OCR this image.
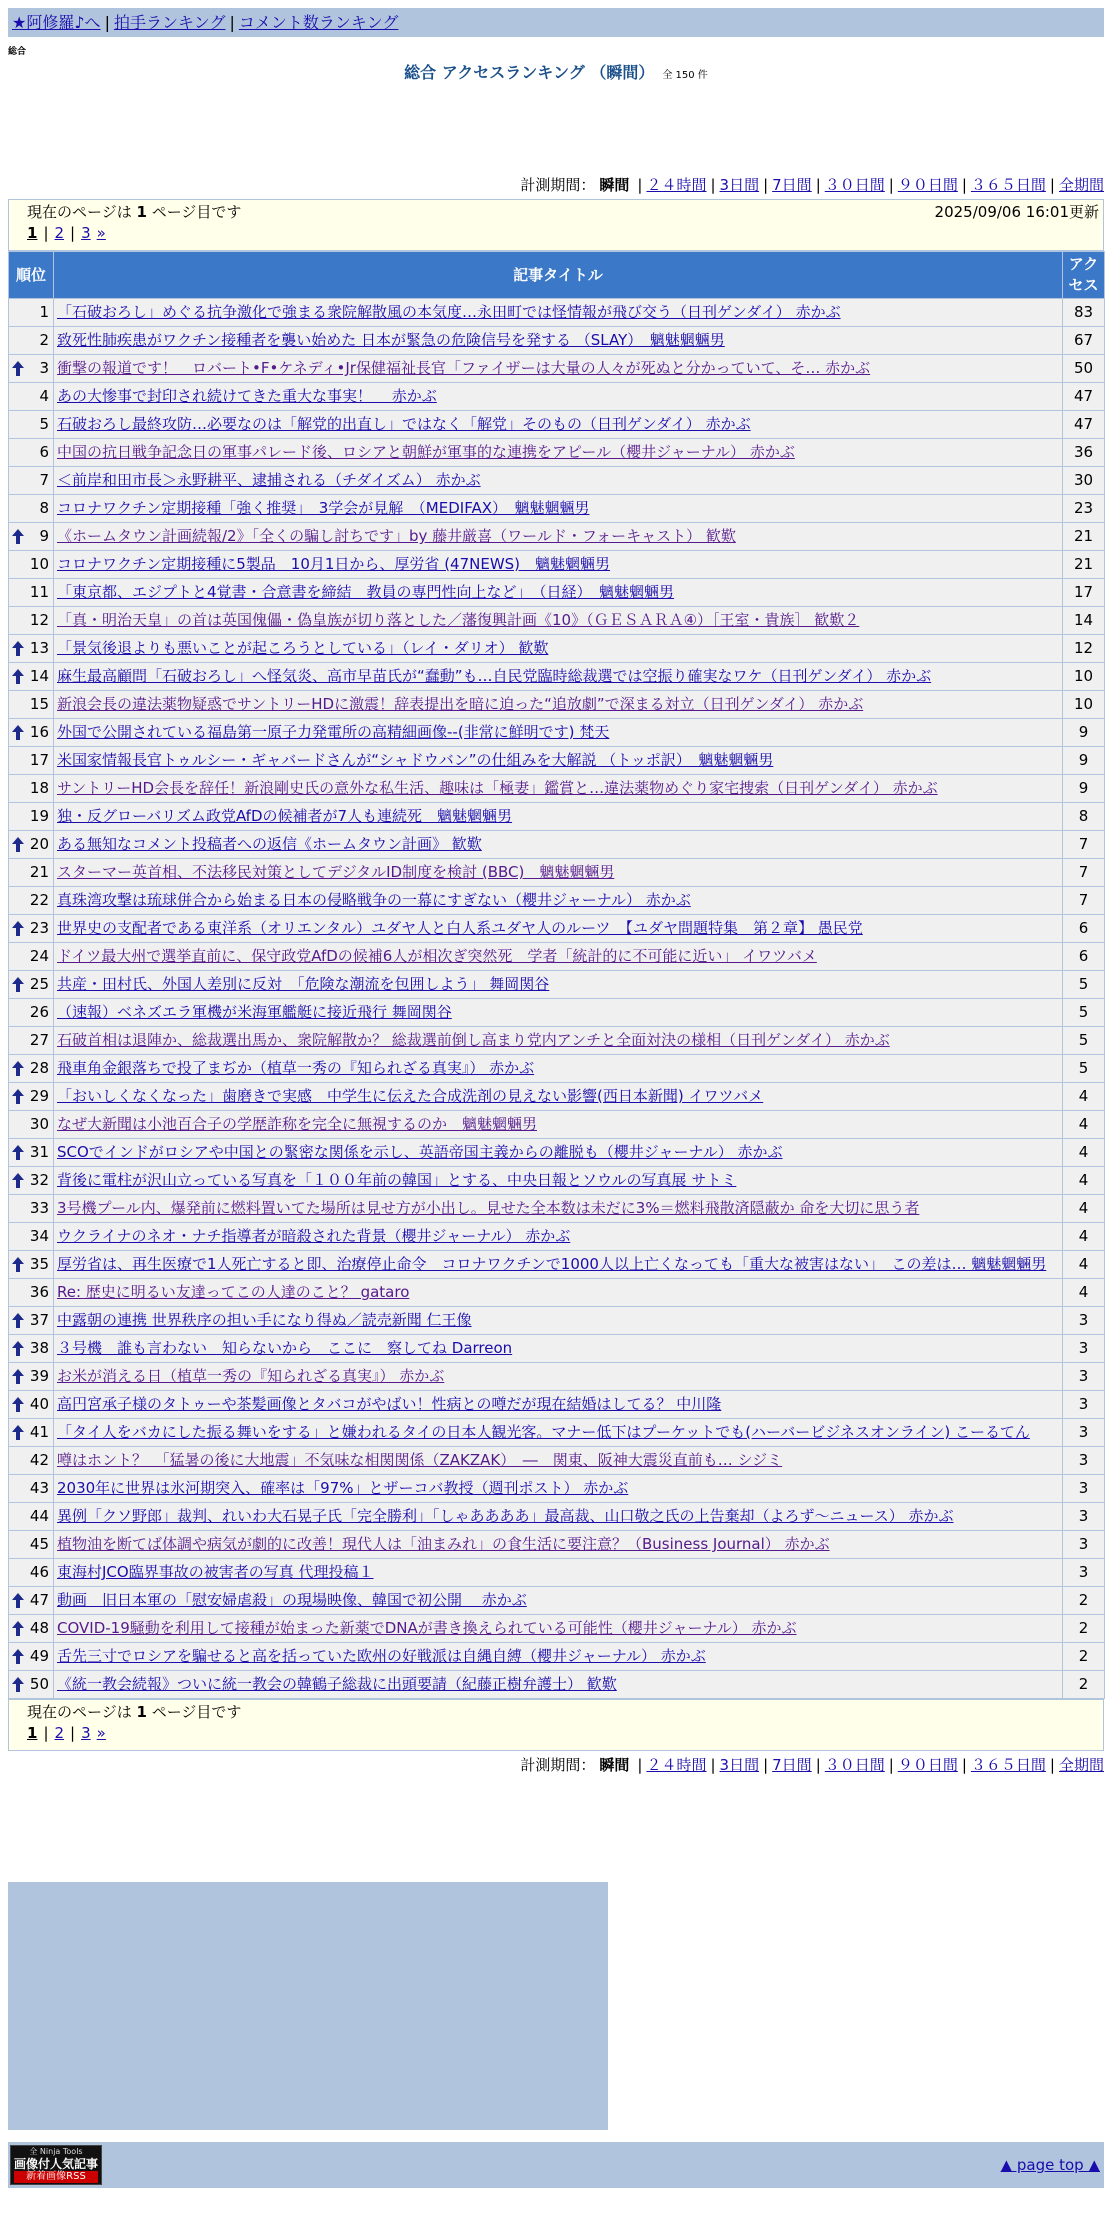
★阿修羅♪へ | 拍手ランキング | コメント数ランキング
総合
総合 アクセスランキング （瞬間） 全 150 件
計測期間： 瞬間 | ２４時間 | 3日間 | 7日間 | ３０日間 | ９０日間 | ３６５日間 | 全期間
現在のページは 1 ページ目です	2025/09/06 16:01更新
1 | 2 | 3 »
順位	記事タイトル	アクセス
1	「石破おろし」めぐる抗争激化で強まる衆院解散風の本気度…永田町では怪情報が飛び交う（日刊ゲンダイ） 赤かぶ	83
2	致死性肺疾患がワクチン接種者を襲い始めた 日本が緊急の危険信号を発する （SLAY）　魑魅魍魎男	67

3	衝撃の報道です！　ロバート•F•ケネディ•Jr保健福祉長官「ファイザーは大量の人々が死ぬと分かっていて、そ… 赤かぶ	50
4	あの大惨事で封印され続けてきた重大な事実！　 赤かぶ	47
5	石破おろし最終攻防…必要なのは「解党的出直し」ではなく「解党」そのもの（日刊ゲンダイ） 赤かぶ	47
6	中国の抗日戦争記念日の軍事パレード後、ロシアと朝鮮が軍事的な連携をアピール（櫻井ジャーナル） 赤かぶ	36
7	＜前岸和田市長＞永野耕平、逮捕される（チダイズム） 赤かぶ	30
8	コロナワクチン定期接種「強く推奨」　3学会が見解　（MEDIFAX）　魑魅魍魎男	23

9	《ホームタウン計画続報/2》「全くの騙し討ちです」by 藤井厳喜（ワールド・フォーキャスト） 歓歎	21
10	コロナワクチン定期接種に5製品　10月1日から、厚労省 (47NEWS)　魑魅魍魎男	21
11	「東京都、エジプトと4覚書・合意書を締結　教員の専門性向上など」　（日経）　魑魅魍魎男	17
12	「真・明治天皇」の首は英国傀儡・偽皇族が切り落とした／藩復興計画《10》（ＧＥＳＡＲＡ④）［王室・貴族］ 歓歎２	14

13	「景気後退よりも悪いことが起ころうとしている」（レイ・ダリオ） 歓歎	12

14	麻生最高顧問「石破おろし」へ怪気炎、高市早苗氏が“蠢動”も…自民党臨時総裁選では空振り確実なワケ（日刊ゲンダイ） 赤かぶ	10
15	新浪会長の違法薬物疑惑でサントリーHDに激震！辞表提出を暗に迫った“追放劇”で深まる対立（日刊ゲンダイ） 赤かぶ	10

16	外国で公開されている福島第一原子力発電所の高精細画像--(非常に鮮明です) 梵天	9
17	米国家情報長官トゥルシー・ギャバードさんが“シャドウバン”の仕組みを大解説 （トッポ訳）　魑魅魍魎男	9
18	サントリーHD会長を辞任！新浪剛史氏の意外な私生活、趣味は「極妻」鑑賞と…違法薬物めぐり家宅捜索（日刊ゲンダイ） 赤かぶ	9
19	独・反グローバリズム政党AfDの候補者が7人も連続死　魑魅魍魎男	8

20	ある無知なコメント投稿者への返信《ホームタウン計画》 歓歎	7
21	スターマー英首相、不法移民対策としてデジタルID制度を検討 (BBC)　魑魅魍魎男	7
22	真珠湾攻撃は琉球併合から始まる日本の侵略戦争の一幕にすぎない（櫻井ジャーナル） 赤かぶ	7

23	世界史の支配者である東洋系（オリエンタル）ユダヤ人と白人系ユダヤ人のルーツ　【ユダヤ問題特集　第２章】 愚民党	6
24	ドイツ最大州で選挙直前に、保守政党AfDの候補6人が相次ぎ突然死　学者「統計的に不可能に近い」 イワツバメ	6

25	共産・田村氏、外国人差別に反対　「危険な潮流を包囲しよう」 舞岡関谷	5
26	（速報）ベネズエラ軍機が米海軍艦艇に接近飛行 舞岡関谷	5
27	石破首相は退陣か、総裁選出馬か、衆院解散か？ 総裁選前倒し高まり党内アンチと全面対決の様相（日刊ゲンダイ） 赤かぶ	5

28	飛車角金銀落ちで投了まぢか（植草一秀の『知られざる真実』） 赤かぶ	5

29	「おいしくなくなった」歯磨きで実感　中学生に伝えた合成洗剤の見えない影響(西日本新聞) イワツバメ	4
30	なぜ大新聞は小池百合子の学歴詐称を完全に無視するのか　魑魅魍魎男	4

31	SCOでインドがロシアや中国との緊密な関係を示し、英語帝国主義からの離脱も（櫻井ジャーナル） 赤かぶ	4

32	背後に電柱が沢山立っている写真を「１００年前の韓国」とする、中央日報とソウルの写真展 サトミ	4
33	3号機プール内、爆発前に燃料置いてた場所は見せ方が小出し。見せた全本数は未だに3%＝燃料飛散済隠蔽か 命を大切に思う者	4
34	ウクライナのネオ・ナチ指導者が暗殺された背景（櫻井ジャーナル） 赤かぶ	4

35	厚労省は、再生医療で1人死亡すると即、治療停止命令　コロナワクチンで1000人以上亡くなっても「重大な被害はない」　この差は… 魑魅魍魎男	4
36	Re: 歴史に明るい友達ってこの人達のこと？ gataro	4

37	中露朝の連携 世界秩序の担い手になり得ぬ／読売新聞 仁王像	3

38	３号機　誰も言わない　知らないから　ここに　察してね Darreon	3

39	お米が消える日（植草一秀の『知られざる真実』） 赤かぶ	3

40	高円宮承子様のタトゥーや茶髪画像とタバコがやばい！性病との噂だが現在結婚はしてる？ 中川隆	3

41	「タイ人をバカにした振る舞いをする」と嫌われるタイの日本人観光客。マナー低下はプーケットでも(ハーバービジネスオンライン) こーるてん	3
42	噂はホント？　「猛暑の後に大地震」不気味な相関関係（ZAKZAK）　―　関東、阪神大震災直前も… シジミ	3
43	2030年に世界は氷河期突入、確率は「97%」とザーコバ教授（週刊ポスト） 赤かぶ	3
44	異例「クソ野郎」裁判、れいわ大石晃子氏「完全勝利」「しゃああああ」最高裁、山口敬之氏の上告棄却（よろず〜ニュース） 赤かぶ	3
45	植物油を断てば体調や病気が劇的に改善！現代人は「油まみれ」の食生活に要注意？（Business Journal） 赤かぶ	3
46	東海村JCO臨界事故の被害者の写真 代理投稿１	3

47	動画　旧日本軍の「慰安婦虐殺」の現場映像、韓国で初公開　 赤かぶ	2

48	COVID-19騒動を利用して接種が始まった新薬でDNAが書き換えられている可能性（櫻井ジャーナル） 赤かぶ	2

49	舌先三寸でロシアを騙せると高を括っていた欧州の好戦派は自縄自縛（櫻井ジャーナル） 赤かぶ	2

50	《統一教会続報》ついに統一教会の韓鶴子総裁に出頭要請（紀藤正樹弁護士） 歓歎	2
現在のページは 1 ページ目です
1 | 2 | 3 »
計測期間： 瞬間 | ２４時間 | 3日間 | 7日間 | ３０日間 | ９０日間 | ３６５日間 | 全期間
全 Ninja Tools
画像付人気記事
新着画像RSS
▲ page top ▲
